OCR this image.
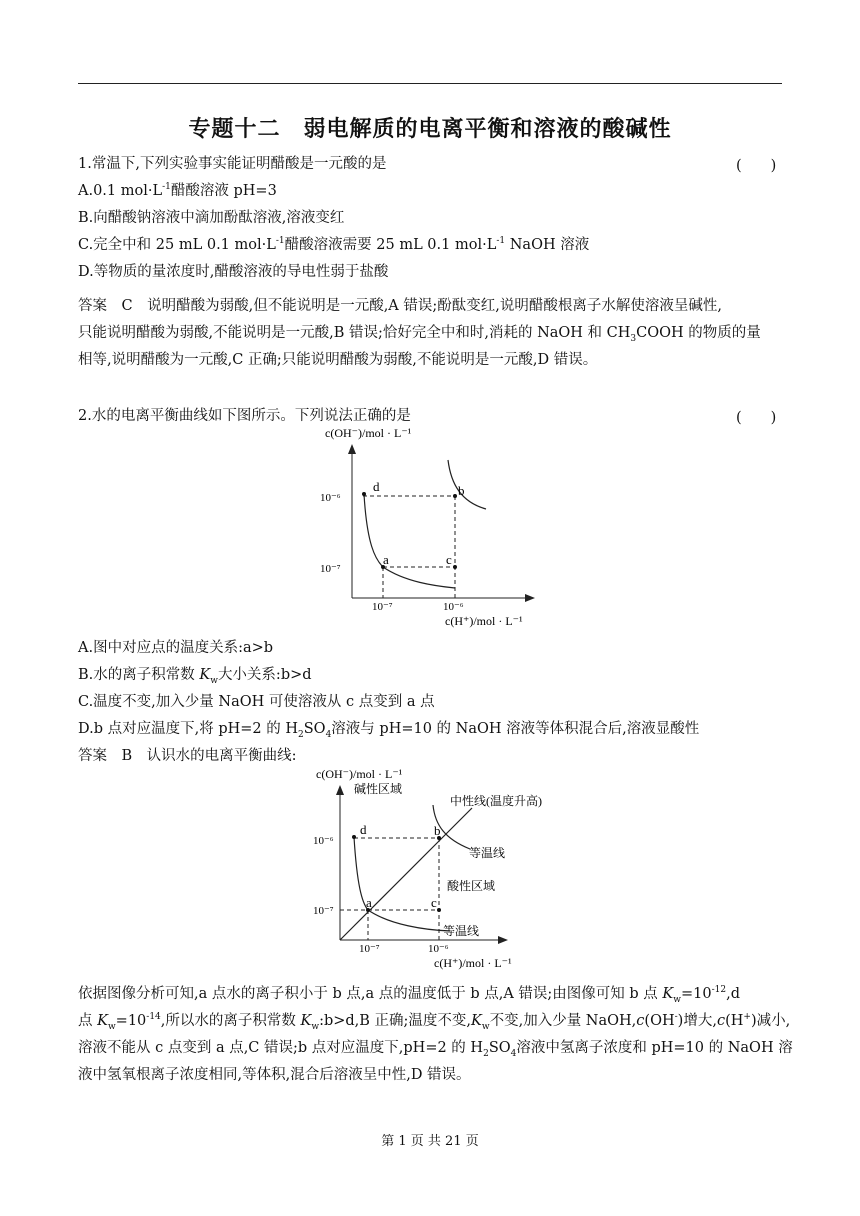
专题十二　弱电解质的电离平衡和溶液的酸碱性
1.常温下,下列实验事实能证明醋酸是一元酸的是	(　　)
A.0.1 $mol\cdot L^{-1}$醋酸溶液 pH=3
B.向醋酸钠溶液中滴加酚酞溶液,溶液变红
C.完全中和 25 mL 0.1 $mol\cdot L^{-1}$醋酸溶液需要 25 mL 0.1 $mol\cdot L^{-1}$ NaOH 溶液
D.等物质的量浓度时,醋酸溶液的导电性弱于盐酸
答案　C　说明醋酸为弱酸,但不能说明是一元酸,A 错误;酚酞变红,说明醋酸根离子水解使溶液呈碱性,
只能说明醋酸为弱酸,不能说明是一元酸,B 错误;恰好完全中和时,消耗的 NaOH 和 $CH_3COOH$ 的物质的量
相等,说明醋酸为一元酸,C 正确;只能说明醋酸为弱酸,不能说明是一元酸,D 错误。
2.水的电离平衡曲线如下图所示。下列说法正确的是	(　　)
c(OH⁻)/mol · L⁻¹
10⁻⁶
10⁻⁷
10⁻⁷	10⁻⁶
c(H⁺)/mol · L⁻¹
d	b
a	c
A.图中对应点的温度关系:a>b
B.水的离子积常数 $K_w$大小关系:b>d
C.温度不变,加入少量 NaOH 可使溶液从 c 点变到 a 点
D.b 点对应温度下,将 pH=2 的 $H_2SO_4$溶液与 pH=10 的 NaOH 溶液等体积混合后,溶液显酸性
答案　B　认识水的电离平衡曲线:
c(OH⁻)/mol · L⁻¹
碱性区域
中性线(温度升高)
10⁻⁶
10⁻⁷
10⁻⁷	10⁻⁶
c(H⁺)/mol · L⁻¹
d	b
a	c
等温线
酸性区域
等温线
依据图像分析可知,a 点水的离子积小于 b 点,a 点的温度低于 b 点,A 错误;由图像可知 b 点 $K_w=10^{-12},d$
点 $K_w=10^{-14}$,所以水的离子积常数 $K_w:b>d,B$ 正确;温度不变$,K_w$不变,加入少量 NaOH,c(OH-)增大,c(H+)减小,
溶液不能从 c 点变到 a 点,C 错误;b 点对应温度下,pH=2 的 $H_2SO_4$溶液中氢离子浓度和 pH=10 的 NaOH 溶
液中氢氧根离子浓度相同,等体积,混合后溶液呈中性,D 错误。
第 1 页 共 21 页
